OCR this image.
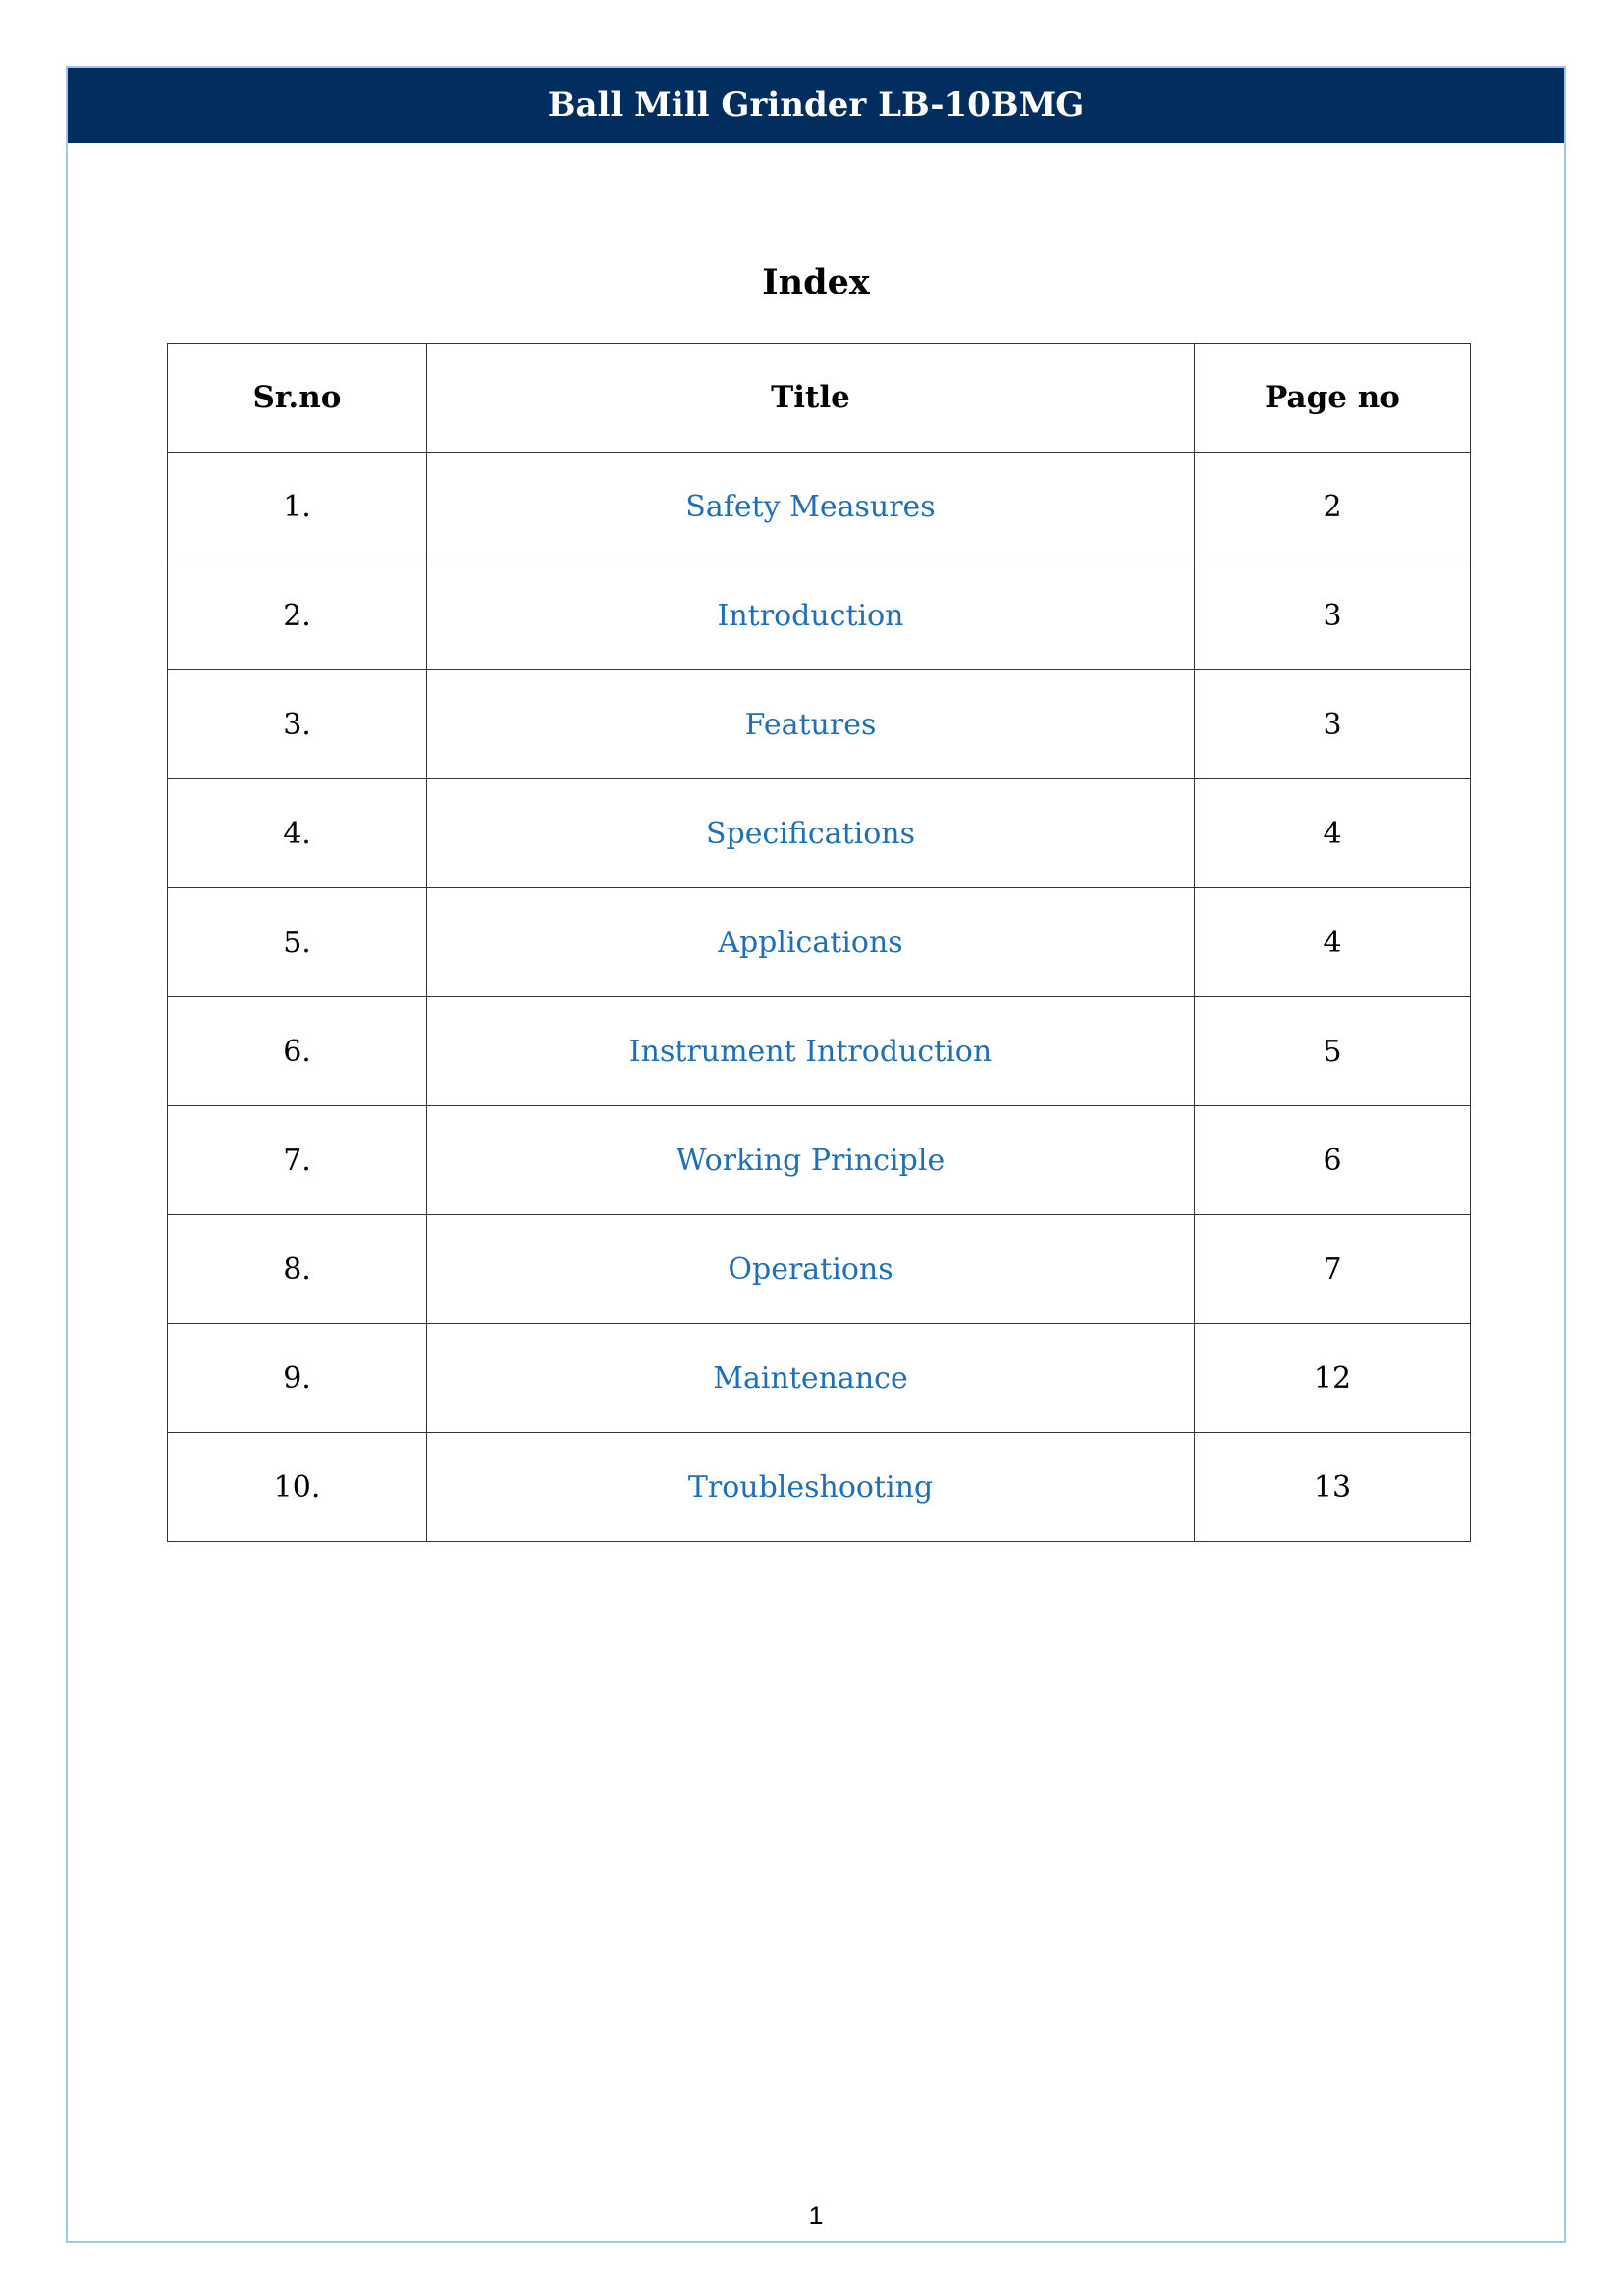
Ball Mill Grinder LB-10BMG
Index
Sr.no	Title	Page no
1.	Safety Measures	2
2.	Introduction	3
3.	Features	3
4.	Specifications	4
5.	Applications	4
6.	Instrument Introduction	5
7.	Working Principle	6
8.	Operations	7
9.	Maintenance	12
10.	Troubleshooting	13
1
